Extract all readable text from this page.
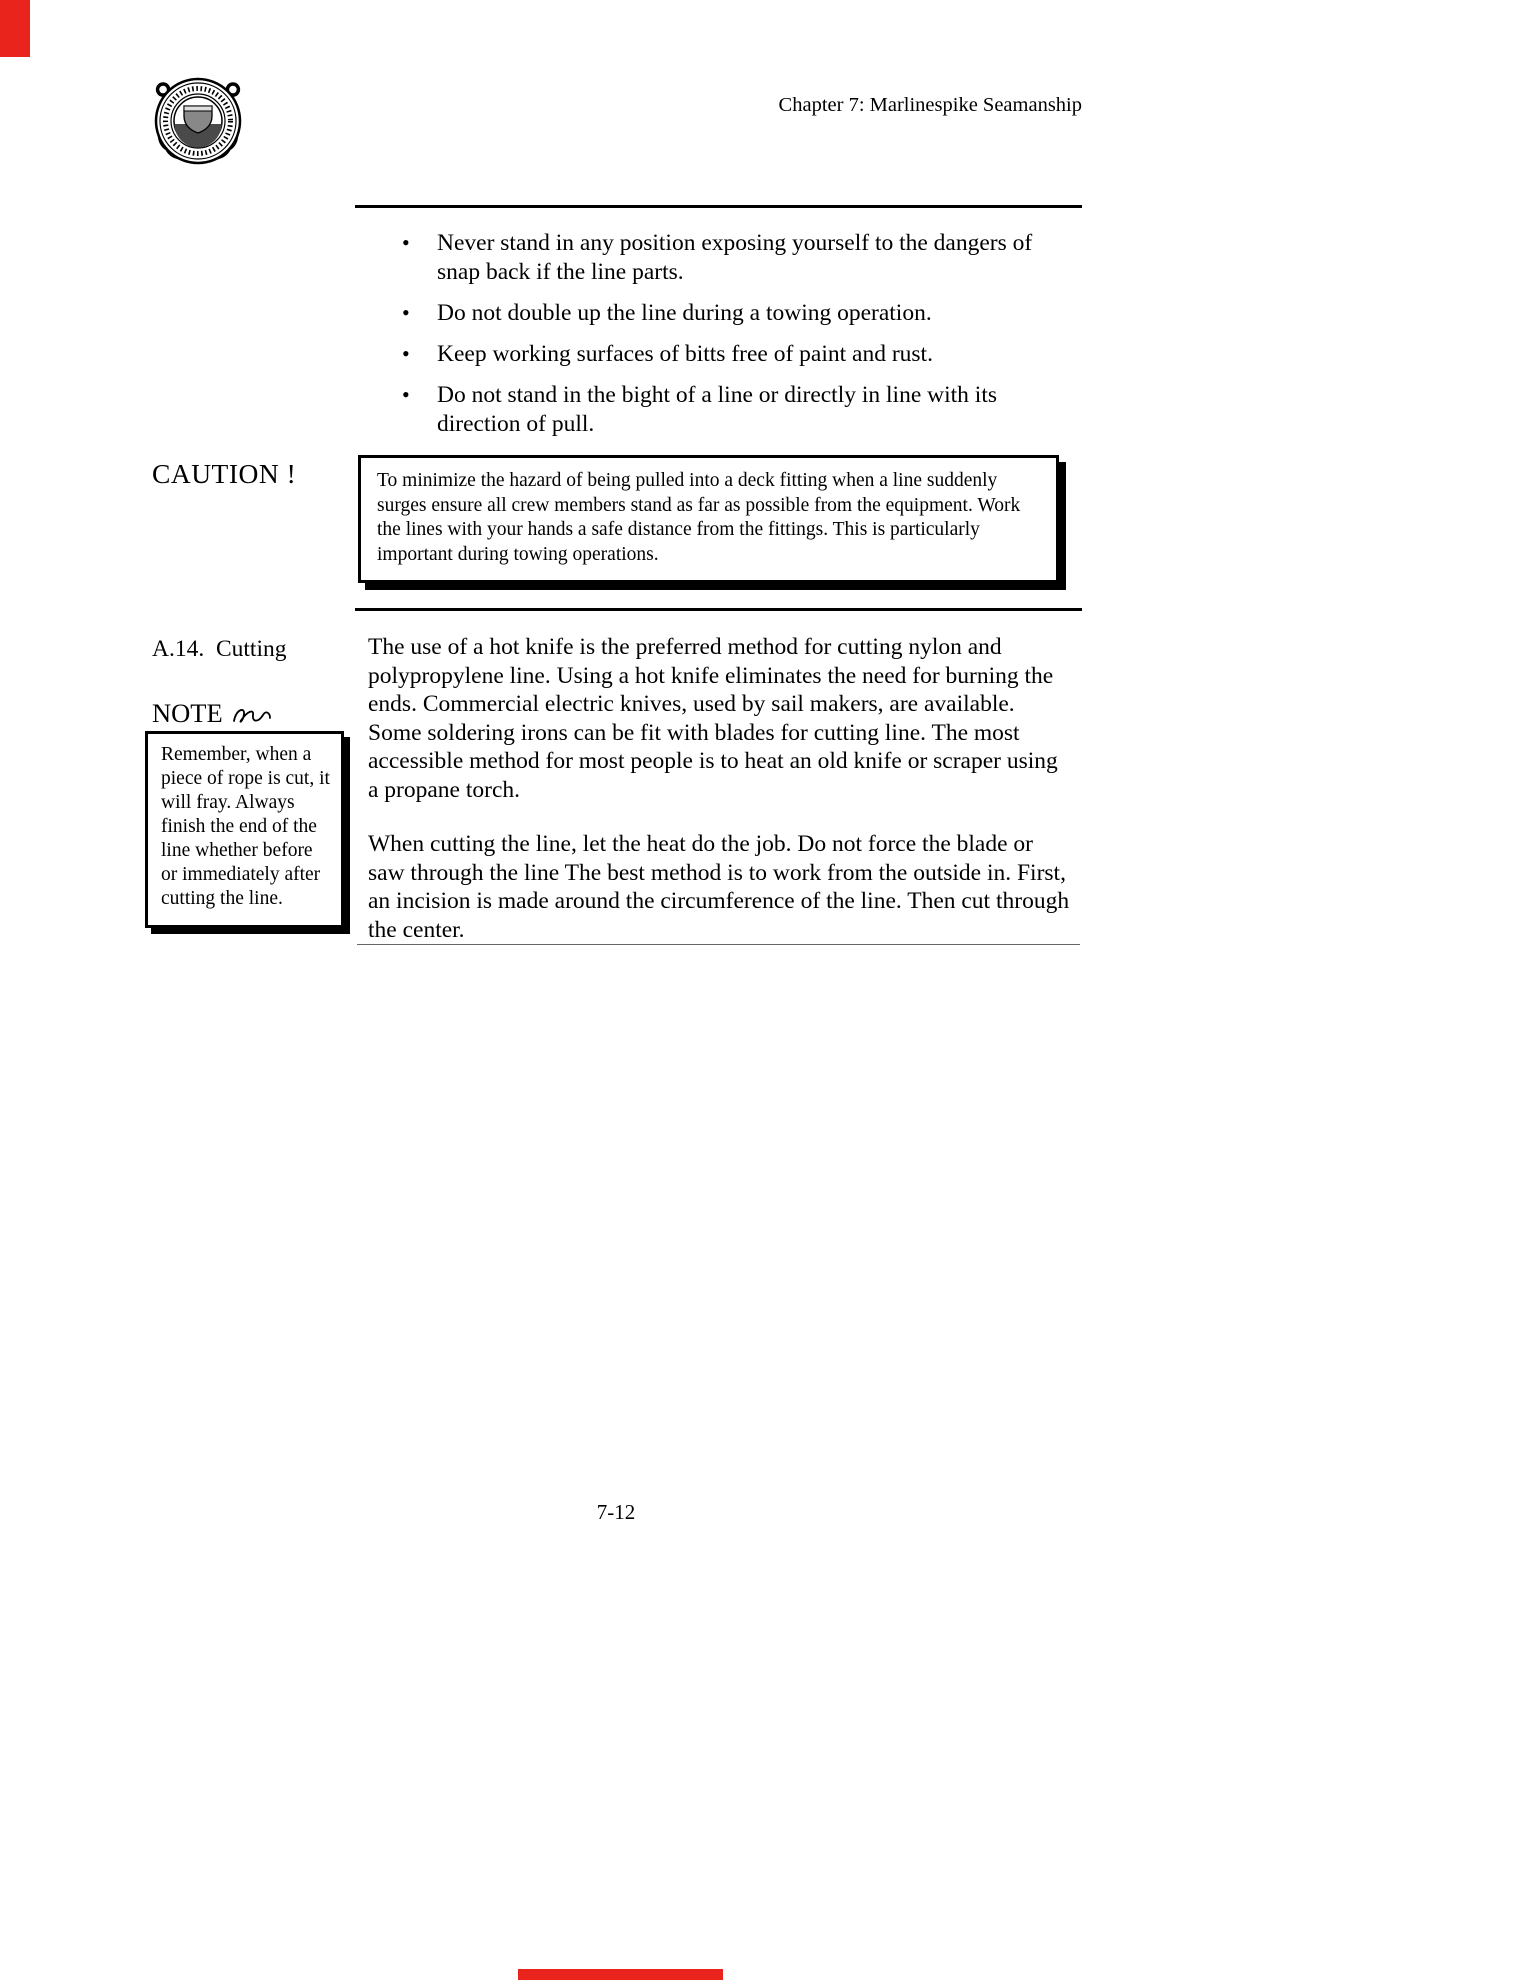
Chapter 7: Marlinespike Seamanship
• Never stand in any position exposing yourself to the dangers of snap back if the line parts.
• Do not double up the line during a towing operation.
• Keep working surfaces of bitts free of paint and rust.
• Do not stand in the bight of a line or directly in line with its direction of pull.
CAUTION !	To minimize the hazard of being pulled into a deck fitting when a line suddenly surges ensure all crew members stand as far as possible from the equipment. Work the lines with your hands a safe distance from the fittings. This is particularly important during towing operations.

A.14.  Cutting
NOTE

Remember, when a piece of rope is cut, it will fray. Always finish the end of the line whether before or immediately after cutting the line.

The use of a hot knife is the preferred method for cutting nylon and polypropylene line. Using a hot knife eliminates the need for burning the ends. Commercial electric knives, used by sail makers, are available. Some soldering irons can be fit with blades for cutting line. The most accessible method for most people is to heat an old knife or scraper using a propane torch.

When cutting the line, let the heat do the job. Do not force the blade or saw through the line The best method is to work from the outside in. First, an incision is made around the circumference of the line. Then cut through the center.

7-12
